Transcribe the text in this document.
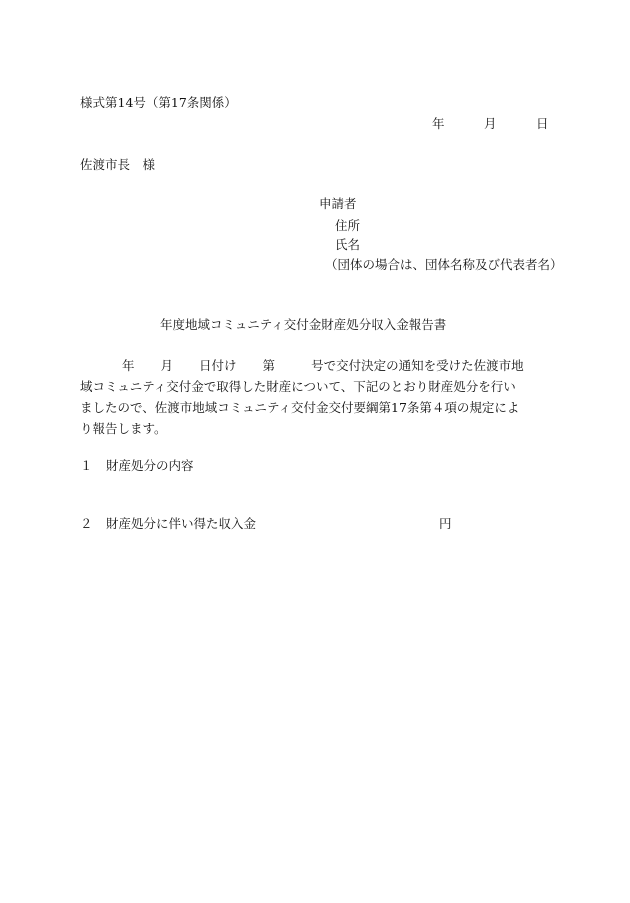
様式第14号（第17条関係）
年	月	日
佐渡市長　様
申請者
住所
氏名
（団体の場合は、団体名称及び代表者名）
年度地域コミュニティ交付金財産処分収入金報告書
年 月 日付け 第	号で交付決定の通知を受けた佐渡市地
域コミュニティ交付金で取得した財産について、下記のとおり財産処分を行い
ましたので、佐渡市地域コミュニティ交付金交付要綱第17条第４項の規定によ
り報告します。
１ 財産処分の内容
２ 財産処分に伴い得た収入金	円
